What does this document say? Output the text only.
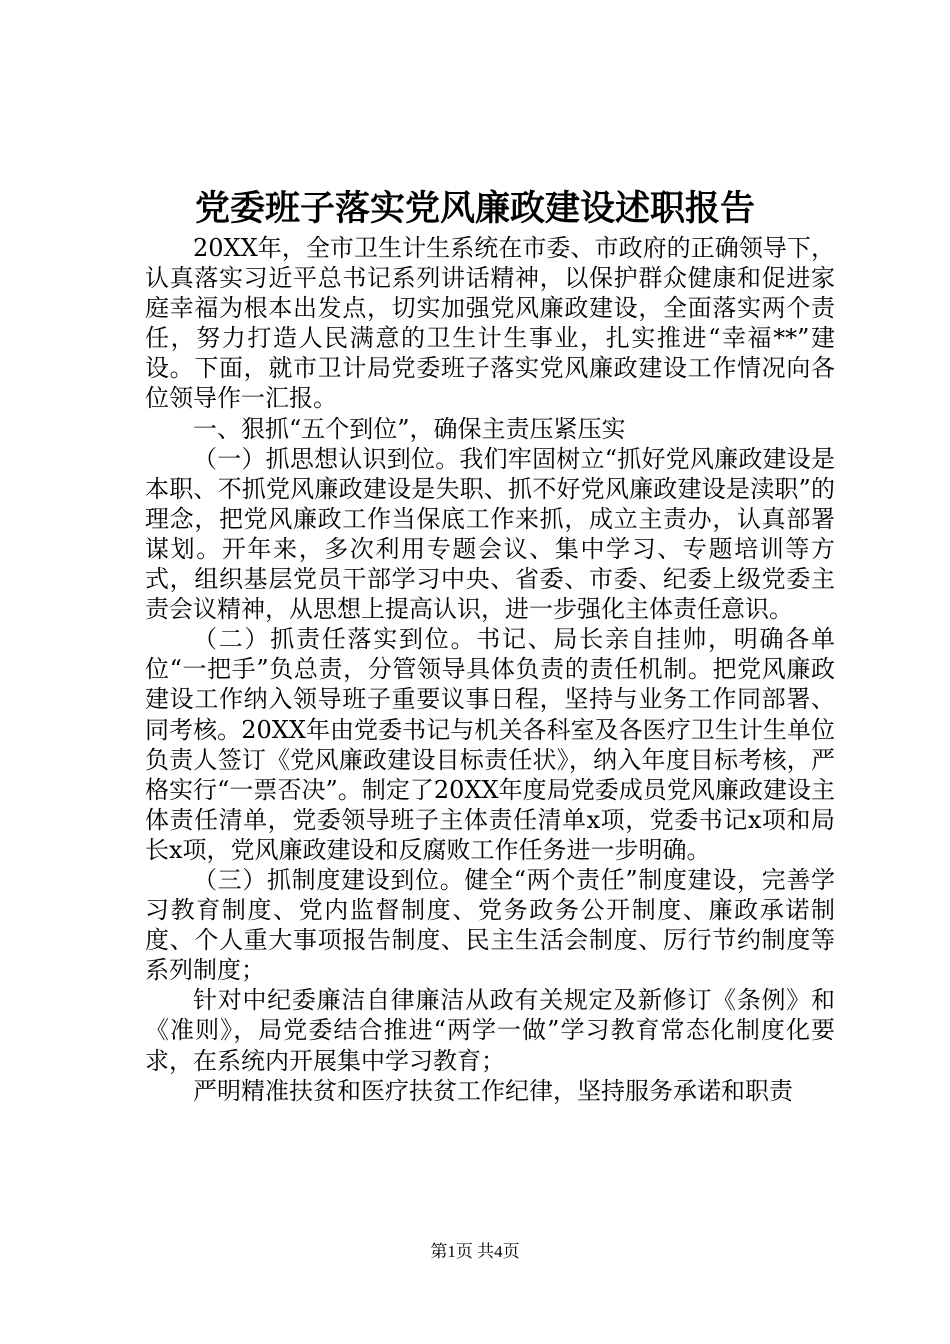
党委班子落实党风廉政建设述职报告

20XX年，全市卫生计生系统在市委、市政府的正确领导下，认真落实习近平总书记系列讲话精神，以保护群众健康和促进家庭幸福为根本出发点，切实加强党风廉政建设，全面落实两个责任，努力打造人民满意的卫生计生事业，扎实推进“幸福**”建设。下面，就市卫计局党委班子落实党风廉政建设工作情况向各位领导作一汇报。

一、狠抓“五个到位”，确保主责压紧压实

（一）抓思想认识到位。我们牢固树立“抓好党风廉政建设是本职、不抓党风廉政建设是失职、抓不好党风廉政建设是渎职”的理念，把党风廉政工作当保底工作来抓，成立主责办，认真部署谋划。开年来，多次利用专题会议、集中学习、专题培训等方式，组织基层党员干部学习中央、省委、市委、纪委上级党委主责会议精神，从思想上提高认识，进一步强化主体责任意识。

（二）抓责任落实到位。书记、局长亲自挂帅，明确各单位“一把手”负总责，分管领导具体负责的责任机制。把党风廉政建设工作纳入领导班子重要议事日程，坚持与业务工作同部署、同考核。20XX年由党委书记与机关各科室及各医疗卫生计生单位负责人签订《党风廉政建设目标责任状》，纳入年度目标考核，严格实行“一票否决”。制定了20XX年度局党委成员党风廉政建设主体责任清单，党委领导班子主体责任清单x项，党委书记x项和局长x项，党风廉政建设和反腐败工作任务进一步明确。

（三）抓制度建设到位。健全“两个责任”制度建设，完善学习教育制度、党内监督制度、党务政务公开制度、廉政承诺制度、个人重大事项报告制度、民主生活会制度、厉行节约制度等系列制度；

针对中纪委廉洁自律廉洁从政有关规定及新修订《条例》和《准则》，局党委结合推进“两学一做”学习教育常态化制度化要求，在系统内开展集中学习教育；

严明精准扶贫和医疗扶贫工作纪律，坚持服务承诺和职责

第1页 共4页
